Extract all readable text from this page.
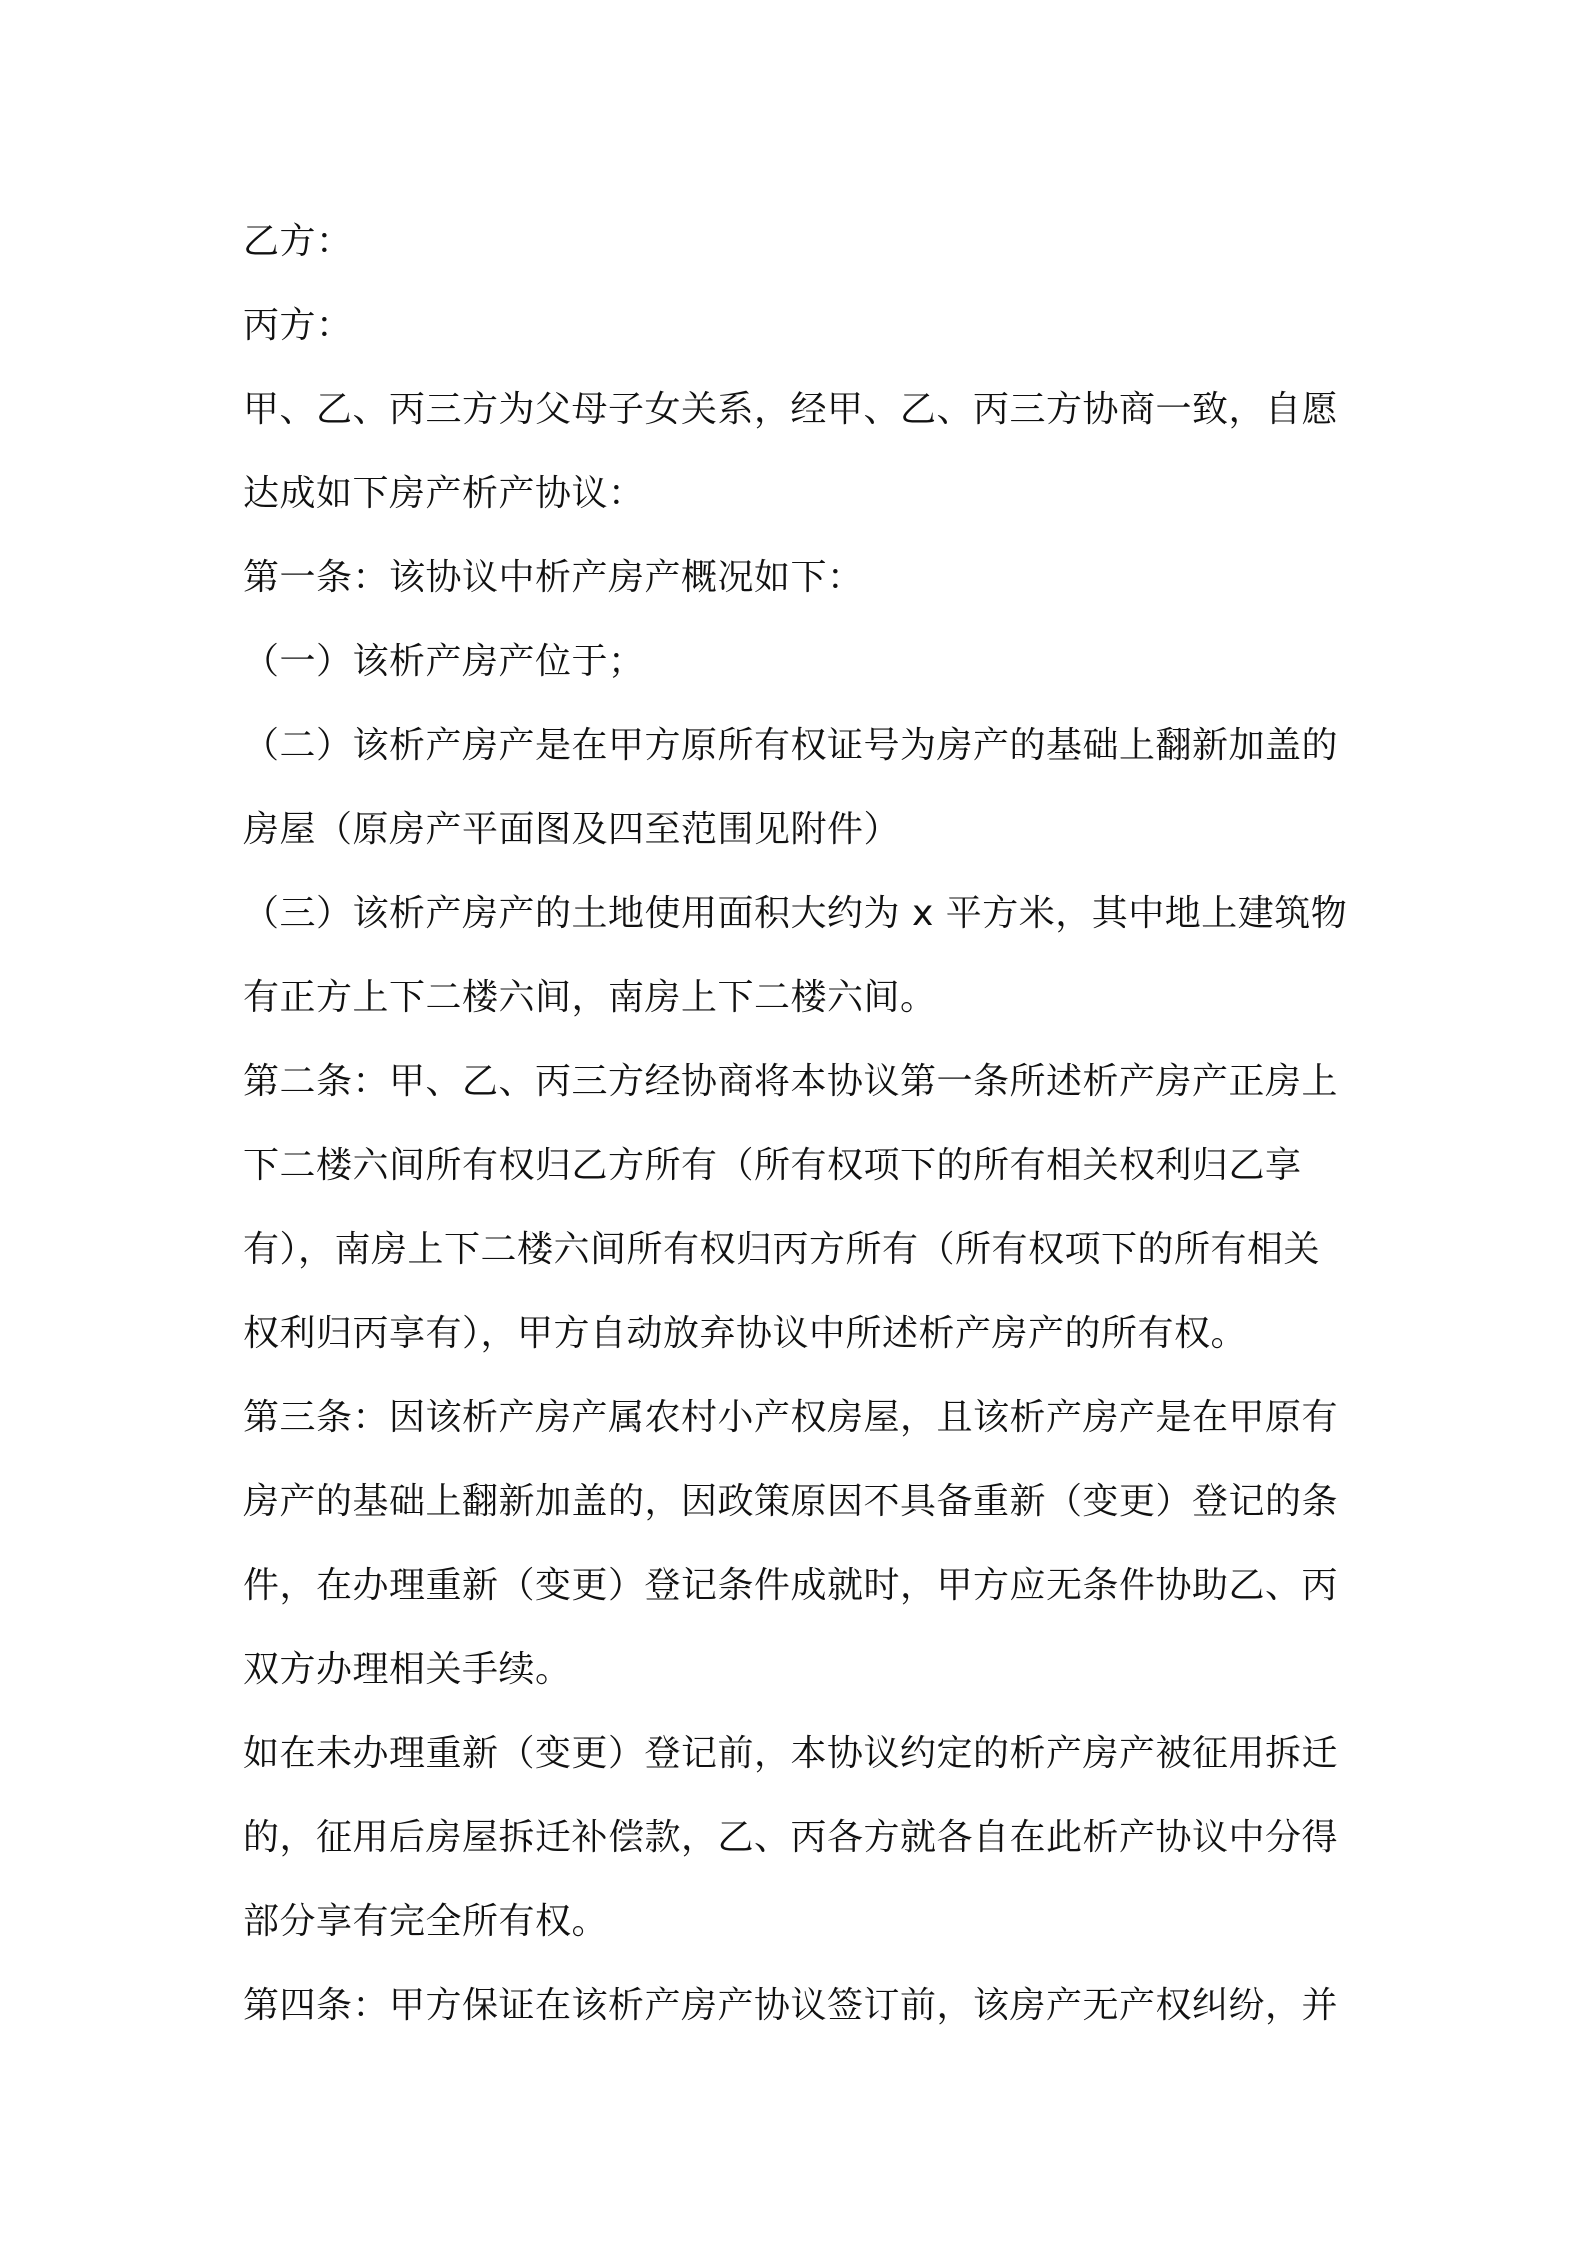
乙方：
丙方：
甲、乙、丙三方为父母子女关系，经甲、乙、丙三方协商一致，自愿
达成如下房产析产协议：
第一条：该协议中析产房产概况如下：
（一）该析产房产位于；
（二）该析产房产是在甲方原所有权证号为房产的基础上翻新加盖的
房屋（原房产平面图及四至范围见附件）
（三）该析产房产的土地使用面积大约为 x 平方米，其中地上建筑物
有正方上下二楼六间，南房上下二楼六间。
第二条：甲、乙、丙三方经协商将本协议第一条所述析产房产正房上
下二楼六间所有权归乙方所有（所有权项下的所有相关权利归乙享
有），南房上下二楼六间所有权归丙方所有（所有权项下的所有相关
权利归丙享有），甲方自动放弃协议中所述析产房产的所有权。
第三条：因该析产房产属农村小产权房屋，且该析产房产是在甲原有
房产的基础上翻新加盖的，因政策原因不具备重新（变更）登记的条
件，在办理重新（变更）登记条件成就时，甲方应无条件协助乙、丙
双方办理相关手续。
如在未办理重新（变更）登记前，本协议约定的析产房产被征用拆迁
的，征用后房屋拆迁补偿款，乙、丙各方就各自在此析产协议中分得
部分享有完全所有权。
第四条：甲方保证在该析产房产协议签订前，该房产无产权纠纷，并
